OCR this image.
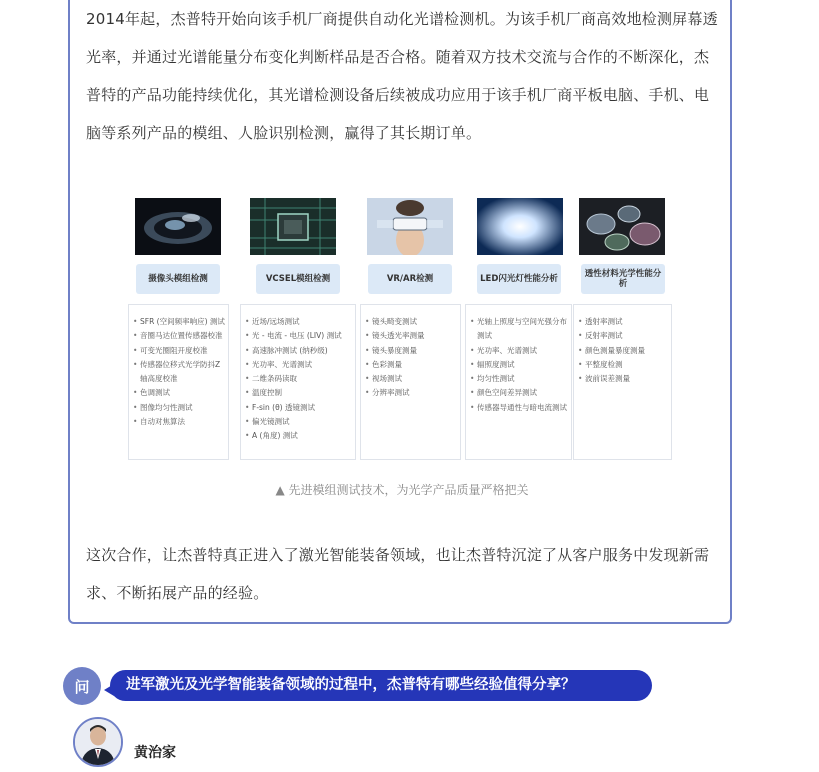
2014年起，杰普特开始向该手机厂商提供自动化光谱检测机。为该手机厂商高效地检测屏幕透光率，并通过光谱能量分布变化判断样品是否合格。随着双方技术交流与合作的不断深化，杰普特的产品功能持续优化，其光谱检测设备后续被成功应用于该手机厂商平板电脑、手机、电脑等系列产品的模组、人脸识别检测，赢得了其长期订单。

摄像头模组检测
• SFR (空间频率响应) 测试
• 音圈马达位置传感器校准
• 可变光圈阻开度校准
• 传感器位移式光学防抖Z轴高度校准
• 色调测试
• 图像均匀性测试
• 自动对焦算法
VCSEL模组检测
• 近场/远场测试
• 光 - 电流 - 电压 (LIV) 测试
• 高速脉冲测试 (纳秒级)
• 光功率、光谱测试
• 二维条码读取
• 温度控制
• F-sin (θ) 透镜测试
• 偏光镜测试
• A (角度) 测试
VR/AR检测
• 镜头畸变测试
• 镜头透光率测量
• 镜头暴度测量
• 色彩测量
• 视场测试
• 分辨率测试
LED闪光灯性能分析
• 光轴上照度与空间光强分布测试
• 光功率、光谱测试
• 辐照度测试
• 均匀性测试
• 颜色空间差异测试
• 传感器导通性与暗电流测试
透性材料光学性能分析
• 透射率测试
• 反射率测试
• 颜色测量暴度测量
• 平整度检测
• 波前误差测量
▲ 先进模组测试技术，为光学产品质量严格把关

这次合作，让杰普特真正进入了激光智能装备领域，也让杰普特沉淀了从客户服务中发现新需求、不断拓展产品的经验。

问	进军激光及光学智能装备领域的过程中，杰普特有哪些经验值得分享？
黄治家
